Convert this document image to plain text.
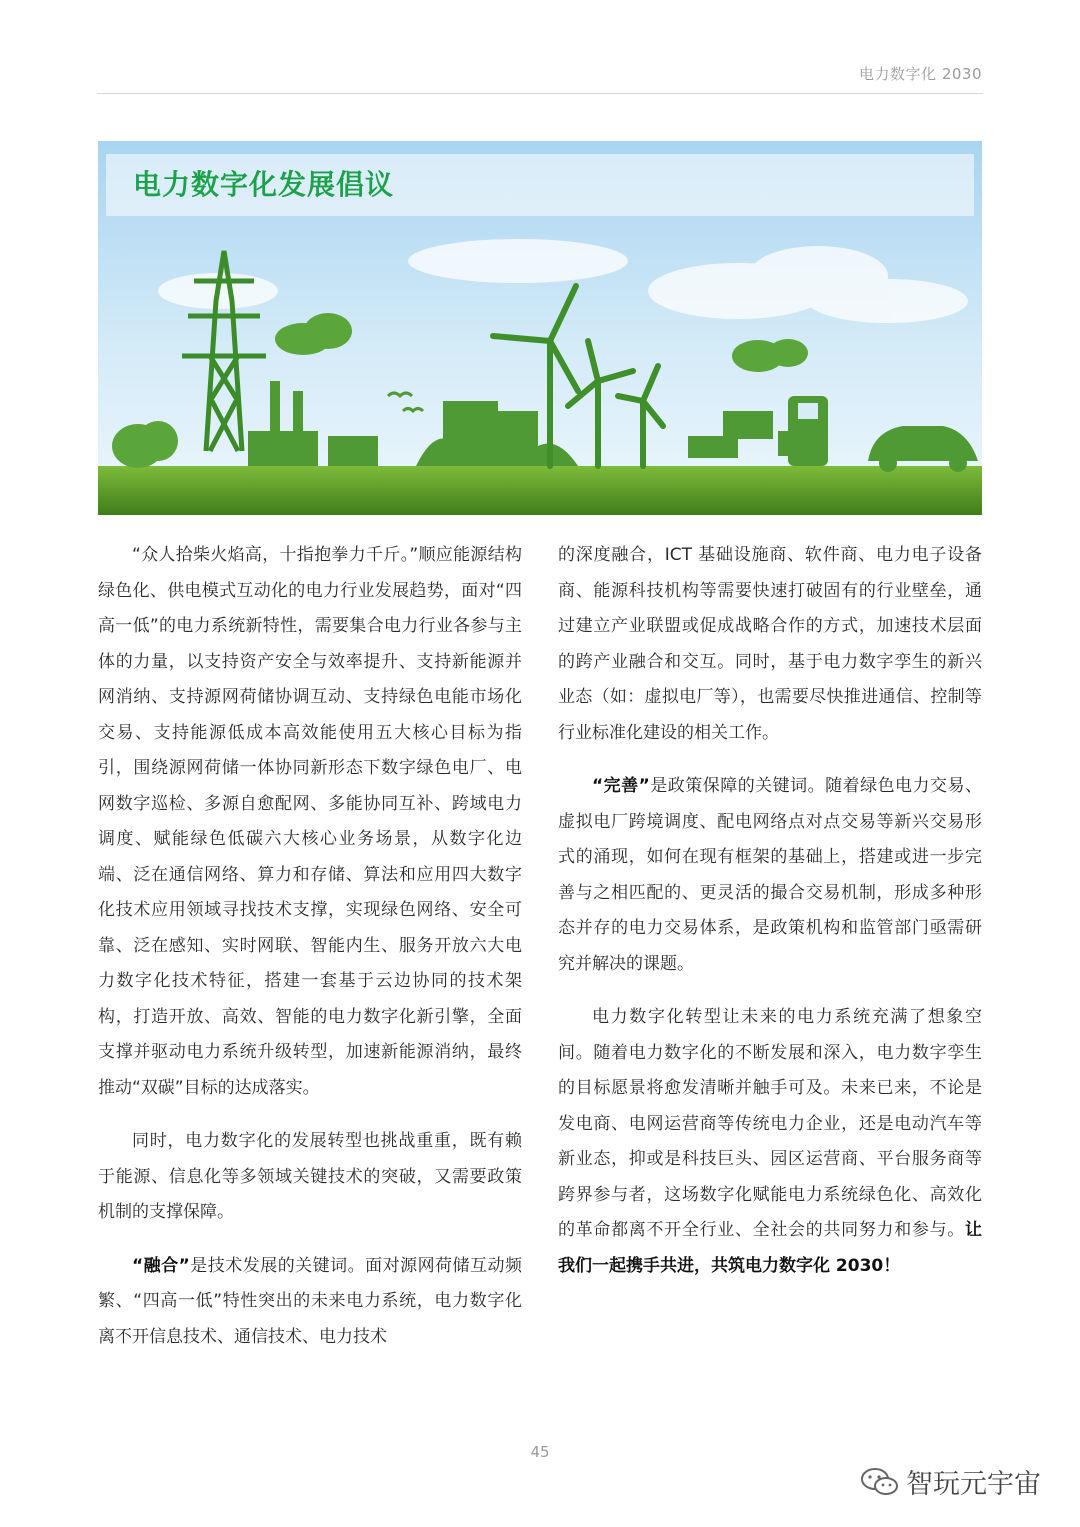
电力数字化 2030
电力数字化发展倡议

“众人拾柴火焰高，十指抱拳力千斤。”顺应能源结构绿色化、供电模式互动化的电力行业发展趋势，面对“四高一低”的电力系统新特性，需要集合电力行业各参与主体的力量，以支持资产安全与效率提升、支持新能源并网消纳、支持源网荷储协调互动、支持绿色电能市场化交易、支持能源低成本高效能使用五大核心目标为指引，围绕源网荷储一体协同新形态下数字绿色电厂、电网数字巡检、多源自愈配网、多能协同互补、跨域电力调度、赋能绿色低碳六大核心业务场景，从数字化边端、泛在通信网络、算力和存储、算法和应用四大数字化技术应用领域寻找技术支撑，实现绿色网络、安全可靠、泛在感知、实时网联、智能内生、服务开放六大电力数字化技术特征，搭建一套基于云边协同的技术架构，打造开放、高效、智能的电力数字化新引擎，全面支撑并驱动电力系统升级转型，加速新能源消纳，最终推动“双碳”目标的达成落实。

同时，电力数字化的发展转型也挑战重重，既有赖于能源、信息化等多领域关键技术的突破，又需要政策机制的支撑保障。

“融合”是技术发展的关键词。面对源网荷储互动频繁、“四高一低”特性突出的未来电力系统，电力数字化离不开信息技术、通信技术、电力技术

的深度融合，ICT 基础设施商、软件商、电力电子设备商、能源科技机构等需要快速打破固有的行业壁垒，通过建立产业联盟或促成战略合作的方式，加速技术层面的跨产业融合和交互。同时，基于电力数字孪生的新兴业态（如：虚拟电厂等），也需要尽快推进通信、控制等行业标准化建设的相关工作。

“完善”是政策保障的关键词。随着绿色电力交易、虚拟电厂跨境调度、配电网络点对点交易等新兴交易形式的涌现，如何在现有框架的基础上，搭建或进一步完善与之相匹配的、更灵活的撮合交易机制，形成多种形态并存的电力交易体系，是政策机构和监管部门亟需研究并解决的课题。

电力数字化转型让未来的电力系统充满了想象空间。随着电力数字化的不断发展和深入，电力数字孪生的目标愿景将愈发清晰并触手可及。未来已来，不论是发电商、电网运营商等传统电力企业，还是电动汽车等新业态，抑或是科技巨头、园区运营商、平台服务商等跨界参与者，这场数字化赋能电力系统绿色化、高效化的革命都离不开全行业、全社会的共同努力和参与。让我们一起携手共进，共筑电力数字化 2030！

45
智玩元宇宙
